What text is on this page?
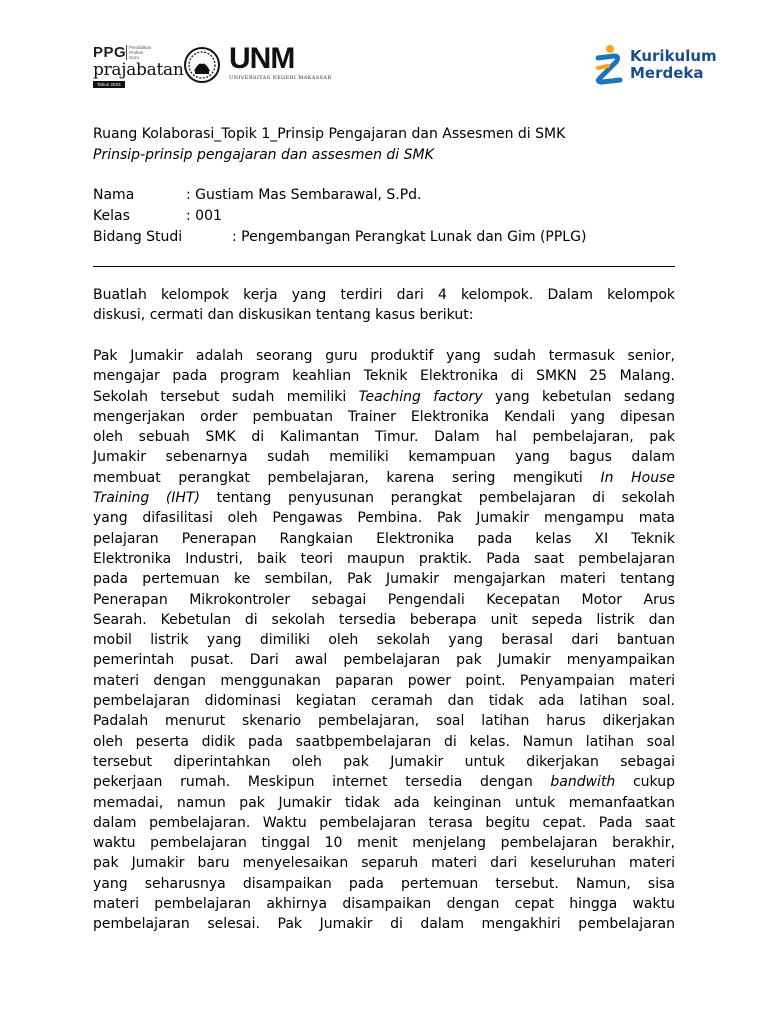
PPG Pendidikan Profesi Guru
prajabatan
Tahun 2023
UNM
UNIVERSITAS NEGERI MAKASSAR
Kurikulum
Merdeka
Ruang Kolaborasi_Topik 1_Prinsip Pengajaran dan Assesmen di SMK
Prinsip-prinsip pengajaran dan assesmen di SMK
Nama	: Gustiam Mas Sembarawal, S.Pd.
Kelas	: 001
Bidang Studi	: Pengembangan Perangkat Lunak dan Gim (PPLG)
Buatlah kelompok kerja yang terdiri dari 4 kelompok. Dalam kelompok
diskusi, cermati dan diskusikan tentang kasus berikut:
Pak Jumakir adalah seorang guru produktif yang sudah termasuk senior,
mengajar pada program keahlian Teknik Elektronika di SMKN 25 Malang.
Sekolah tersebut sudah memiliki Teaching factory yang kebetulan sedang
mengerjakan order pembuatan Trainer Elektronika Kendali yang dipesan
oleh sebuah SMK di Kalimantan Timur. Dalam hal pembelajaran, pak
Jumakir sebenarnya sudah memiliki kemampuan yang bagus dalam
membuat perangkat pembelajaran, karena sering mengikuti In House
Training (IHT) tentang penyusunan perangkat pembelajaran di sekolah
yang difasilitasi oleh Pengawas Pembina. Pak Jumakir mengampu mata
pelajaran Penerapan Rangkaian Elektronika pada kelas XI Teknik
Elektronika Industri, baik teori maupun praktik. Pada saat pembelajaran
pada pertemuan ke sembilan, Pak Jumakir mengajarkan materi tentang
Penerapan Mikrokontroler sebagai Pengendali Kecepatan Motor Arus
Searah. Kebetulan di sekolah tersedia beberapa unit sepeda listrik dan
mobil listrik yang dimiliki oleh sekolah yang berasal dari bantuan
pemerintah pusat. Dari awal pembelajaran pak Jumakir menyampaikan
materi dengan menggunakan paparan power point. Penyampaian materi
pembelajaran didominasi kegiatan ceramah dan tidak ada latihan soal.
Padalah menurut skenario pembelajaran, soal latihan harus dikerjakan
oleh peserta didik pada saatbpembelajaran di kelas. Namun latihan soal
tersebut diperintahkan oleh pak Jumakir untuk dikerjakan sebagai
pekerjaan rumah. Meskipun internet tersedia dengan bandwith cukup
memadai, namun pak Jumakir tidak ada keinginan untuk memanfaatkan
dalam pembelajaran. Waktu pembelajaran terasa begitu cepat. Pada saat
waktu pembelajaran tinggal 10 menit menjelang pembelajaran berakhir,
pak Jumakir baru menyelesaikan separuh materi dari keseluruhan materi
yang seharusnya disampaikan pada pertemuan tersebut. Namun, sisa
materi pembelajaran akhirnya disampaikan dengan cepat hingga waktu
pembelajaran selesai. Pak Jumakir di dalam mengakhiri pembelajaran
